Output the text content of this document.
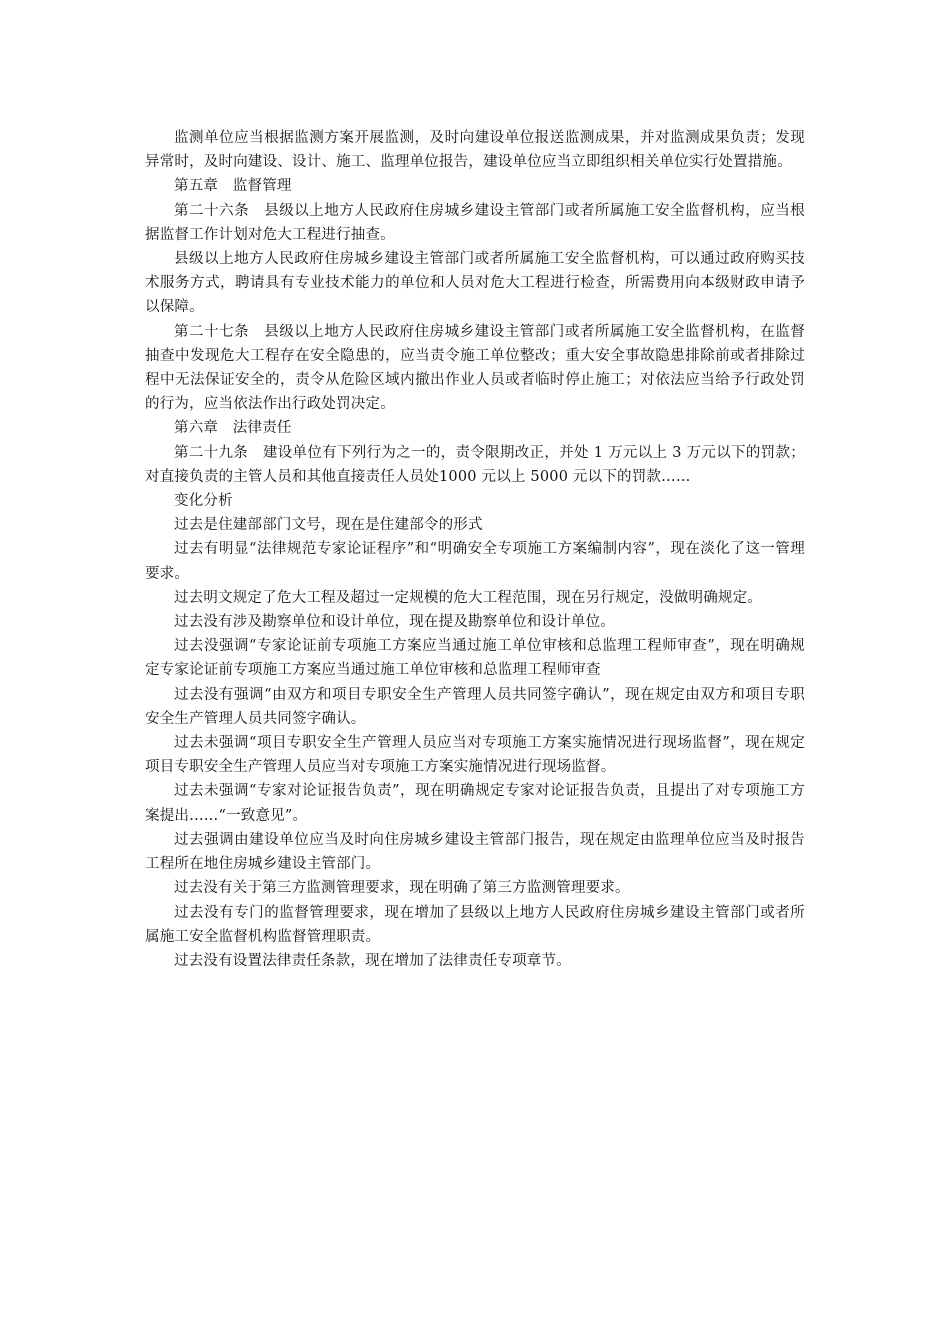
监测单位应当根据监测方案开展监测，及时向建设单位报送监测成果，并对监测成果负责；发现异常时，及时向建设、设计、施工、监理单位报告，建设单位应当立即组织相关单位实行处置措施。

第五章　监督管理

第二十六条　县级以上地方人民政府住房城乡建设主管部门或者所属施工安全监督机构，应当根据监督工作计划对危大工程进行抽查。

县级以上地方人民政府住房城乡建设主管部门或者所属施工安全监督机构，可以通过政府购买技术服务方式，聘请具有专业技术能力的单位和人员对危大工程进行检查，所需费用向本级财政申请予以保障。

第二十七条　县级以上地方人民政府住房城乡建设主管部门或者所属施工安全监督机构，在监督抽查中发现危大工程存在安全隐患的，应当责令施工单位整改；重大安全事故隐患排除前或者排除过程中无法保证安全的，责令从危险区域内撤出作业人员或者临时停止施工；对依法应当给予行政处罚的行为，应当依法作出行政处罚决定。

第六章　法律责任

第二十九条　建设单位有下列行为之一的，责令限期改正，并处 1 万元以上 3 万元以下的罚款；对直接负责的主管人员和其他直接责任人员处1000 元以上 5000 元以下的罚款……

变化分析

过去是住建部部门文号，现在是住建部令的形式

过去有明显“法律规范专家论证程序”和“明确安全专项施工方案编制内容”，现在淡化了这一管理要求。

过去明文规定了危大工程及超过一定规模的危大工程范围，现在另行规定，没做明确规定。

过去没有涉及勘察单位和设计单位，现在提及勘察单位和设计单位。

过去没强调“专家论证前专项施工方案应当通过施工单位审核和总监理工程师审查”，现在明确规定专家论证前专项施工方案应当通过施工单位审核和总监理工程师审查

过去没有强调“由双方和项目专职安全生产管理人员共同签字确认”，现在规定由双方和项目专职安全生产管理人员共同签字确认。

过去未强调“项目专职安全生产管理人员应当对专项施工方案实施情况进行现场监督”，现在规定项目专职安全生产管理人员应当对专项施工方案实施情况进行现场监督。

过去未强调“专家对论证报告负责”，现在明确规定专家对论证报告负责，且提出了对专项施工方案提出……“一致意见”。

过去强调由建设单位应当及时向住房城乡建设主管部门报告，现在规定由监理单位应当及时报告工程所在地住房城乡建设主管部门。

过去没有关于第三方监测管理要求，现在明确了第三方监测管理要求。

过去没有专门的监督管理要求，现在增加了县级以上地方人民政府住房城乡建设主管部门或者所属施工安全监督机构监督管理职责。

过去没有设置法律责任条款，现在增加了法律责任专项章节。
